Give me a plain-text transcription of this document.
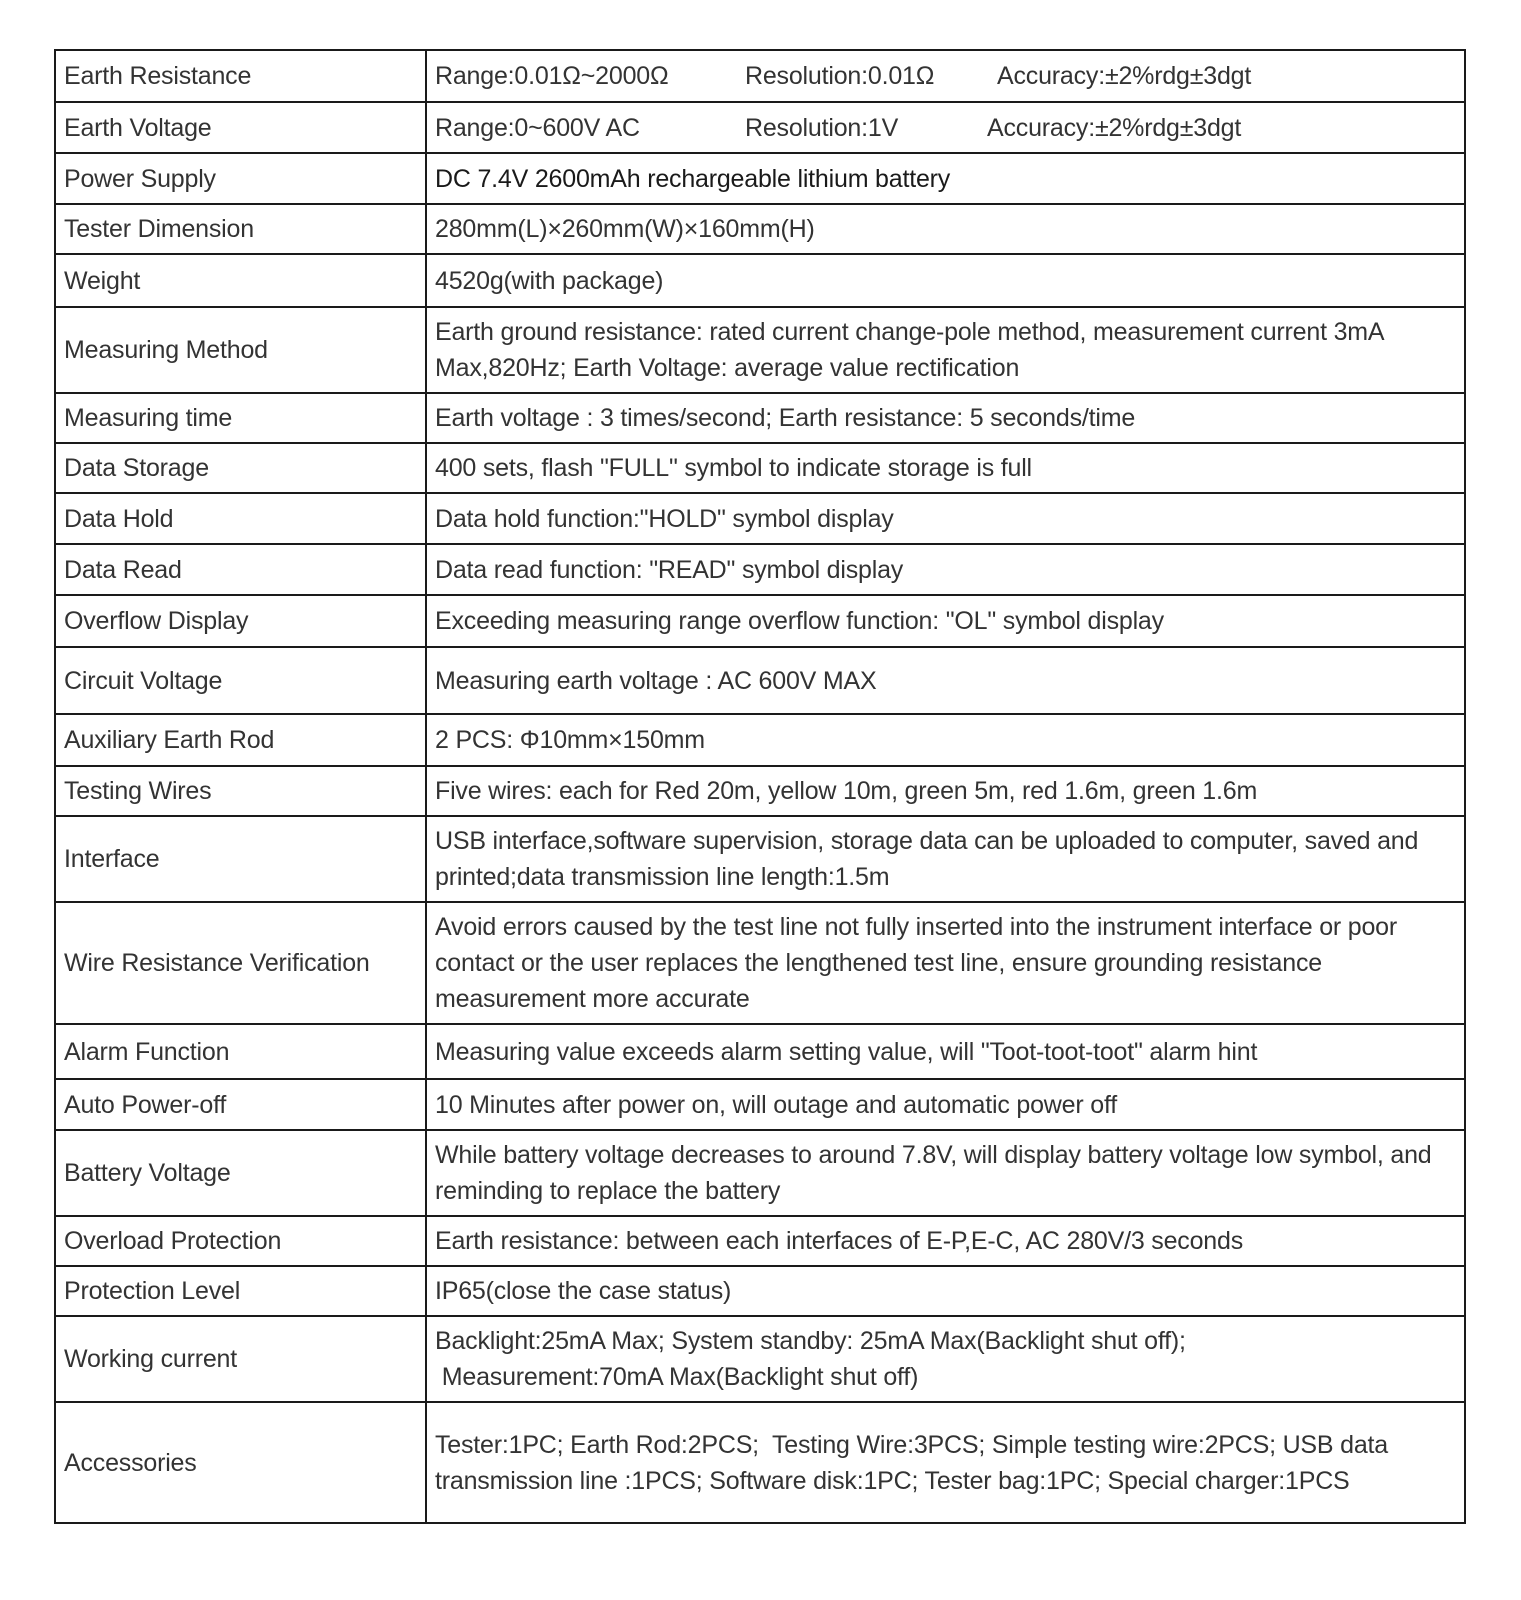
Earth Resistance	Range:0.01Ω~2000Ω Resolution:0.01Ω Accuracy:±2%rdg±3dgt

Earth Voltage	Range:0~600V AC Resolution:1V Accuracy:±2%rdg±3dgt

Power Supply	DC 7.4V 2600mAh rechargeable lithium battery
Tester Dimension	280mm(L)×260mm(W)×160mm(H)
Weight	4520g(with package)
Measuring Method	Earth ground resistance: rated current change-pole method, measurement current 3mA Max,820Hz; Earth Voltage: average value rectification
Measuring time	Earth voltage : 3 times/second; Earth resistance: 5 seconds/time
Data Storage	400 sets, flash "FULL" symbol to indicate storage is full
Data Hold	Data hold function:"HOLD" symbol display
Data Read	Data read function: "READ" symbol display
Overflow Display	Exceeding measuring range overflow function: "OL" symbol display
Circuit Voltage	Measuring earth voltage : AC 600V MAX
Auxiliary Earth Rod	2 PCS: Φ10mm×150mm
Testing Wires	Five wires: each for Red 20m, yellow 10m, green 5m, red 1.6m, green 1.6m
Interface	USB interface,software supervision, storage data can be uploaded to computer, saved and printed;data transmission line length:1.5m
Wire Resistance Verification	Avoid errors caused by the test line not fully inserted into the instrument interface or poor contact or the user replaces the lengthened test line, ensure grounding resistance measurement more accurate
Alarm Function	Measuring value exceeds alarm setting value, will "Toot-toot-toot" alarm hint
Auto Power-off	10 Minutes after power on, will outage and automatic power off
Battery Voltage	While battery voltage decreases to around 7.8V, will display battery voltage low symbol, and reminding to replace the battery
Overload Protection	Earth resistance: between each interfaces of E-P,E-C, AC 280V/3 seconds
Protection Level	IP65(close the case status)
Working current	Backlight:25mA Max; System standby: 25mA Max(Backlight shut off);
Measurement:70mA Max(Backlight shut off)
Accessories	Tester:1PC; Earth Rod:2PCS;  Testing Wire:3PCS; Simple testing wire:2PCS; USB data transmission line :1PCS; Software disk:1PC; Tester bag:1PC; Special charger:1PCS
